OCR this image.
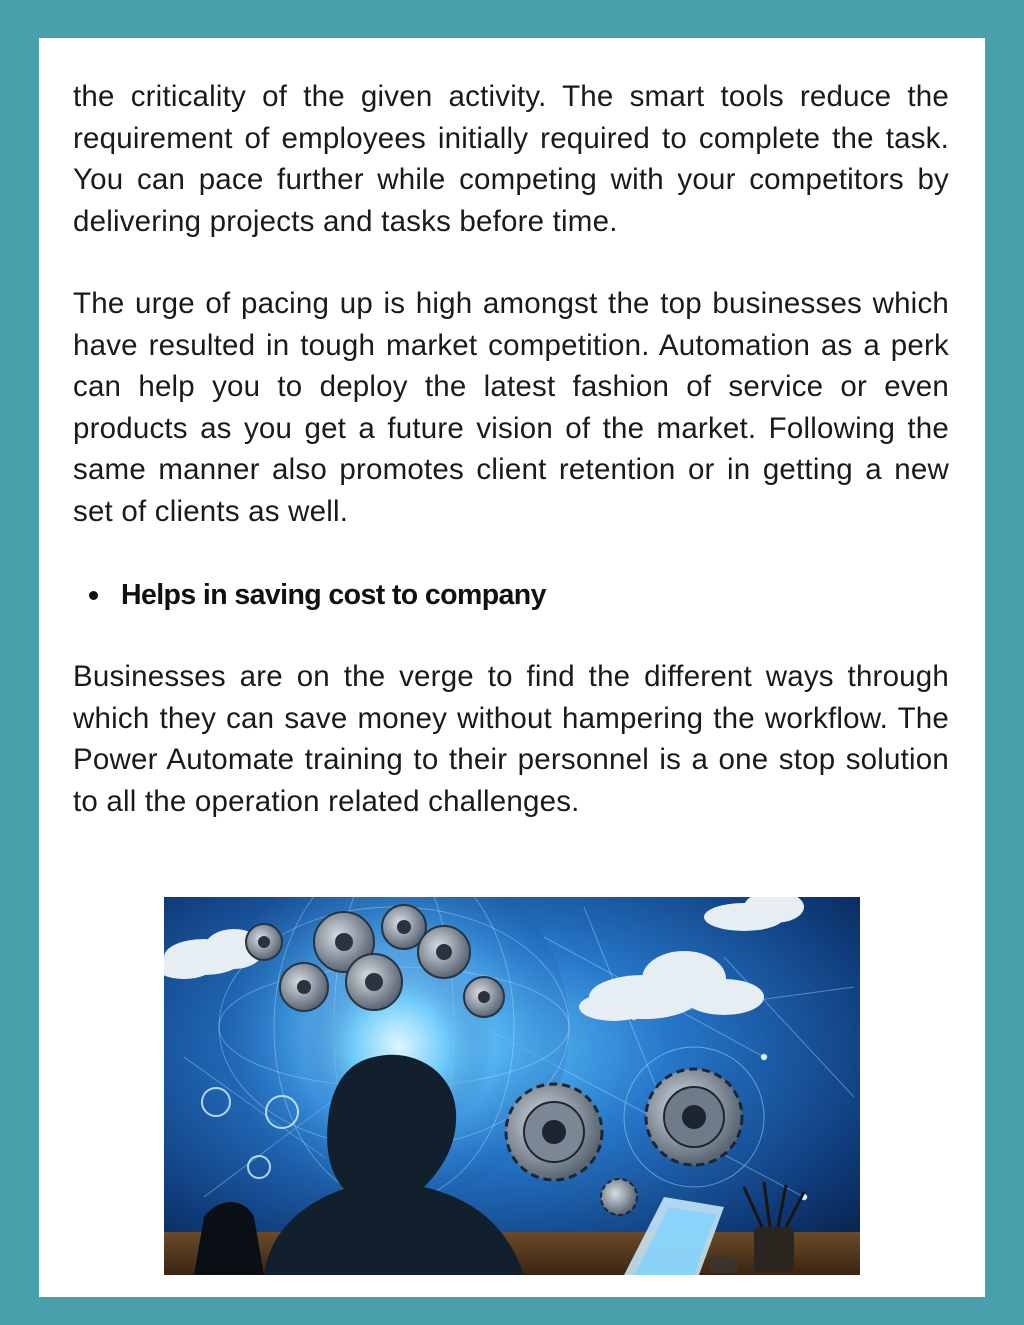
the criticality of the given activity. The smart tools reduce the requirement of employees initially required to complete the task. You can pace further while competing with your competitors by delivering projects and tasks before time.

The urge of pacing up is high amongst the top businesses which have resulted in tough market competition. Automation as a perk can help you to deploy the latest fashion of service or even products as you get a future vision of the market. Following the same manner also promotes client retention or in getting a new set of clients as well.

Helps in saving cost to company

Businesses are on the verge to find the different ways through which they can save money without hampering the workflow. The Power Automate training to their personnel is a one stop solution to all the operation related challenges.
